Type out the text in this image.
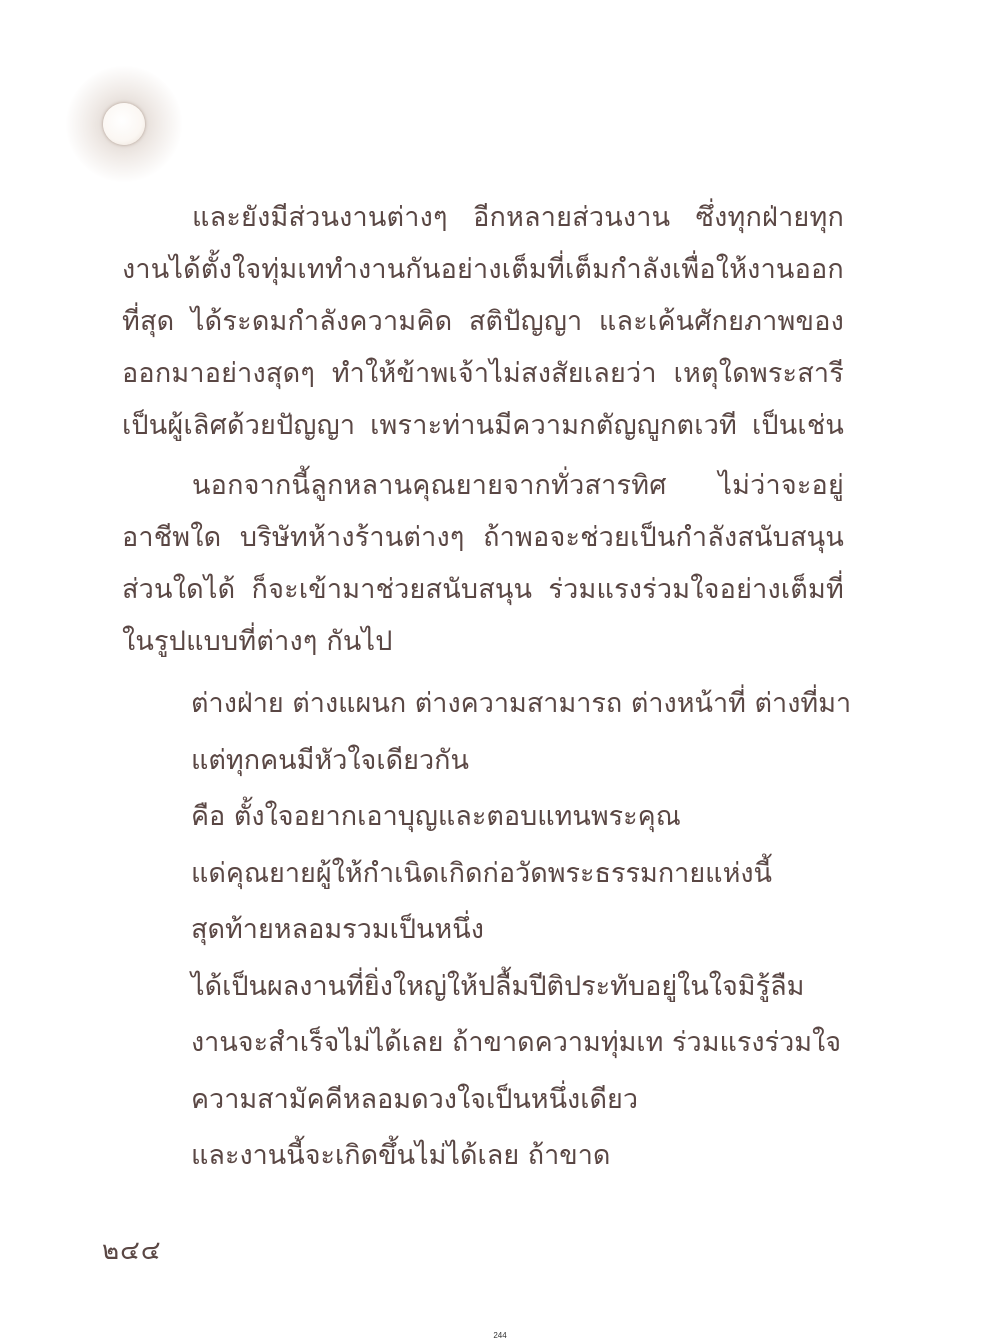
และยังมีส่วนงานต่างๆ อีกหลายส่วนงาน ซึ่งทุกฝ่ายทุก
งานได้ตั้งใจทุ่มเททำงานกันอย่างเต็มที่เต็มกำลังเพื่อให้งานออก
ที่สุด ได้ระดมกำลังความคิด สติปัญญา และเค้นศักยภาพของ
ออกมาอย่างสุดๆ ทำให้ข้าพเจ้าไม่สงสัยเลยว่า เหตุใดพระสารี
เป็นผู้เลิศด้วยปัญญา เพราะท่านมีความกตัญญูกตเวที เป็นเช่น
นอกจากนี้ลูกหลานคุณยายจากทั่วสารทิศ ไม่ว่าจะอยู่
อาชีพใด บริษัทห้างร้านต่างๆ ถ้าพอจะช่วยเป็นกำลังสนับสนุน
ส่วนใดได้ ก็จะเข้ามาช่วยสนับสนุน ร่วมแรงร่วมใจอย่างเต็มที่
ในรูปแบบที่ต่างๆ กันไป
ต่างฝ่าย ต่างแผนก ต่างความสามารถ ต่างหน้าที่ ต่างที่มา
แต่ทุกคนมีหัวใจเดียวกัน
คือ ตั้งใจอยากเอาบุญและตอบแทนพระคุณ
แด่คุณยายผู้ให้กำเนิดเกิดก่อวัดพระธรรมกายแห่งนี้
สุดท้ายหลอมรวมเป็นหนึ่ง
ได้เป็นผลงานที่ยิ่งใหญ่ให้ปลื้มปีติประทับอยู่ในใจมิรู้ลืม
งานจะสำเร็จไม่ได้เลย ถ้าขาดความทุ่มเท ร่วมแรงร่วมใจ
ความสามัคคีหลอมดวงใจเป็นหนึ่งเดียว
และงานนี้จะเกิดขึ้นไม่ได้เลย ถ้าขาด
๒๔๔
244
